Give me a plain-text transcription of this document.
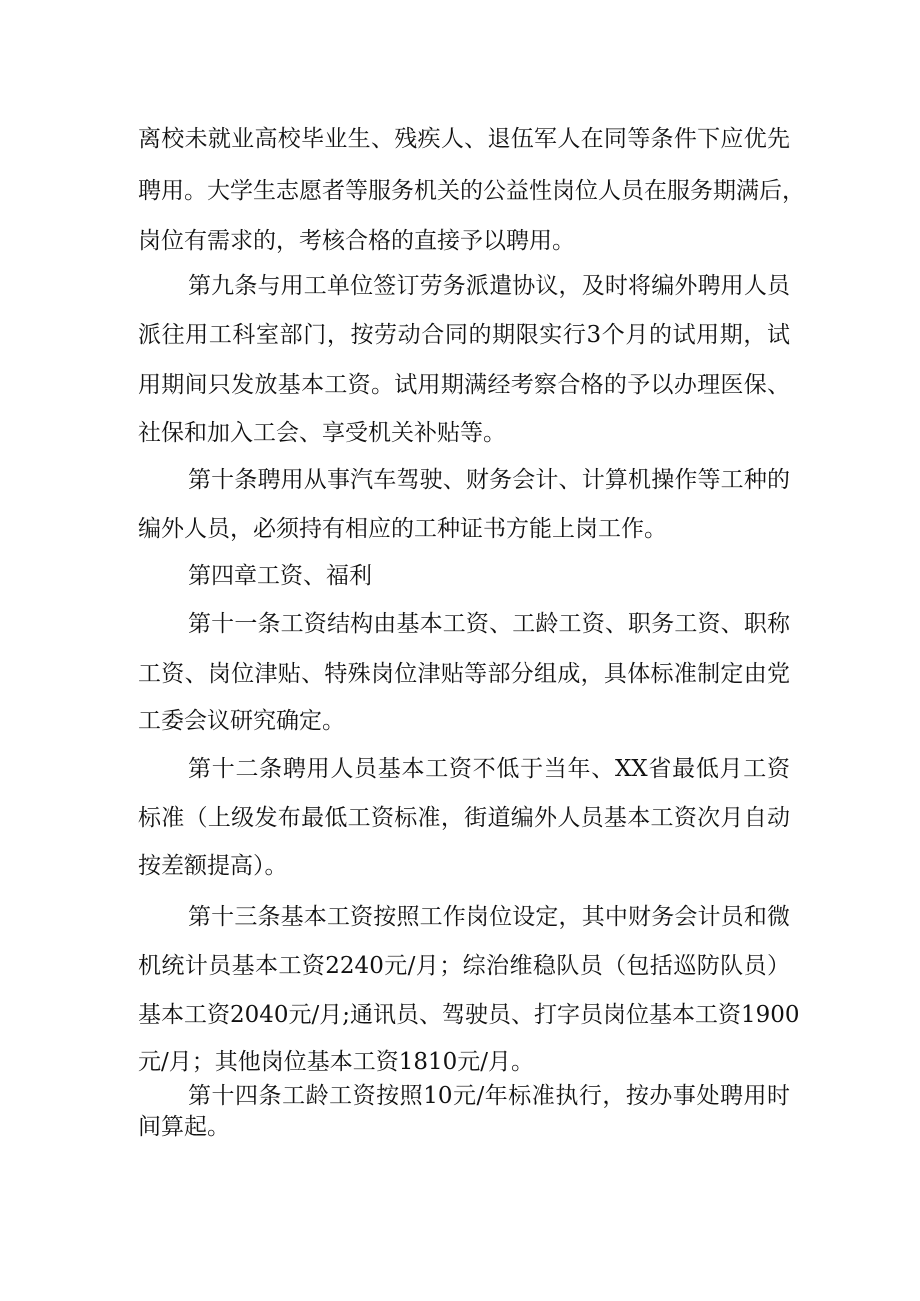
离校未就业高校毕业生、残疾人、退伍军人在同等条件下应优先
聘用。大学生志愿者等服务机关的公益性岗位人员在服务期满后，
岗位有需求的，考核合格的直接予以聘用。
第九条与用工单位签订劳务派遣协议，及时将编外聘用人员
派往用工科室部门，按劳动合同的期限实行3个月的试用期，试
用期间只发放基本工资。试用期满经考察合格的予以办理医保、
社保和加入工会、享受机关补贴等。
第十条聘用从事汽车驾驶、财务会计、计算机操作等工种的
编外人员，必须持有相应的工种证书方能上岗工作。
第四章工资、福利
第十一条工资结构由基本工资、工龄工资、职务工资、职称
工资、岗位津贴、特殊岗位津贴等部分组成，具体标准制定由党
工委会议研究确定。
第十二条聘用人员基本工资不低于当年、XX省最低月工资
标准（上级发布最低工资标准，街道编外人员基本工资次月自动
按差额提高）。
第十三条基本工资按照工作岗位设定，其中财务会计员和微
机统计员基本工资2240元/月；综治维稳队员（包括巡防队员）
基本工资2040元/月;通讯员、驾驶员、打字员岗位基本工资1900
元/月；其他岗位基本工资1810元/月。
第十四条工龄工资按照10元/年标准执行，按办事处聘用时
间算起。
